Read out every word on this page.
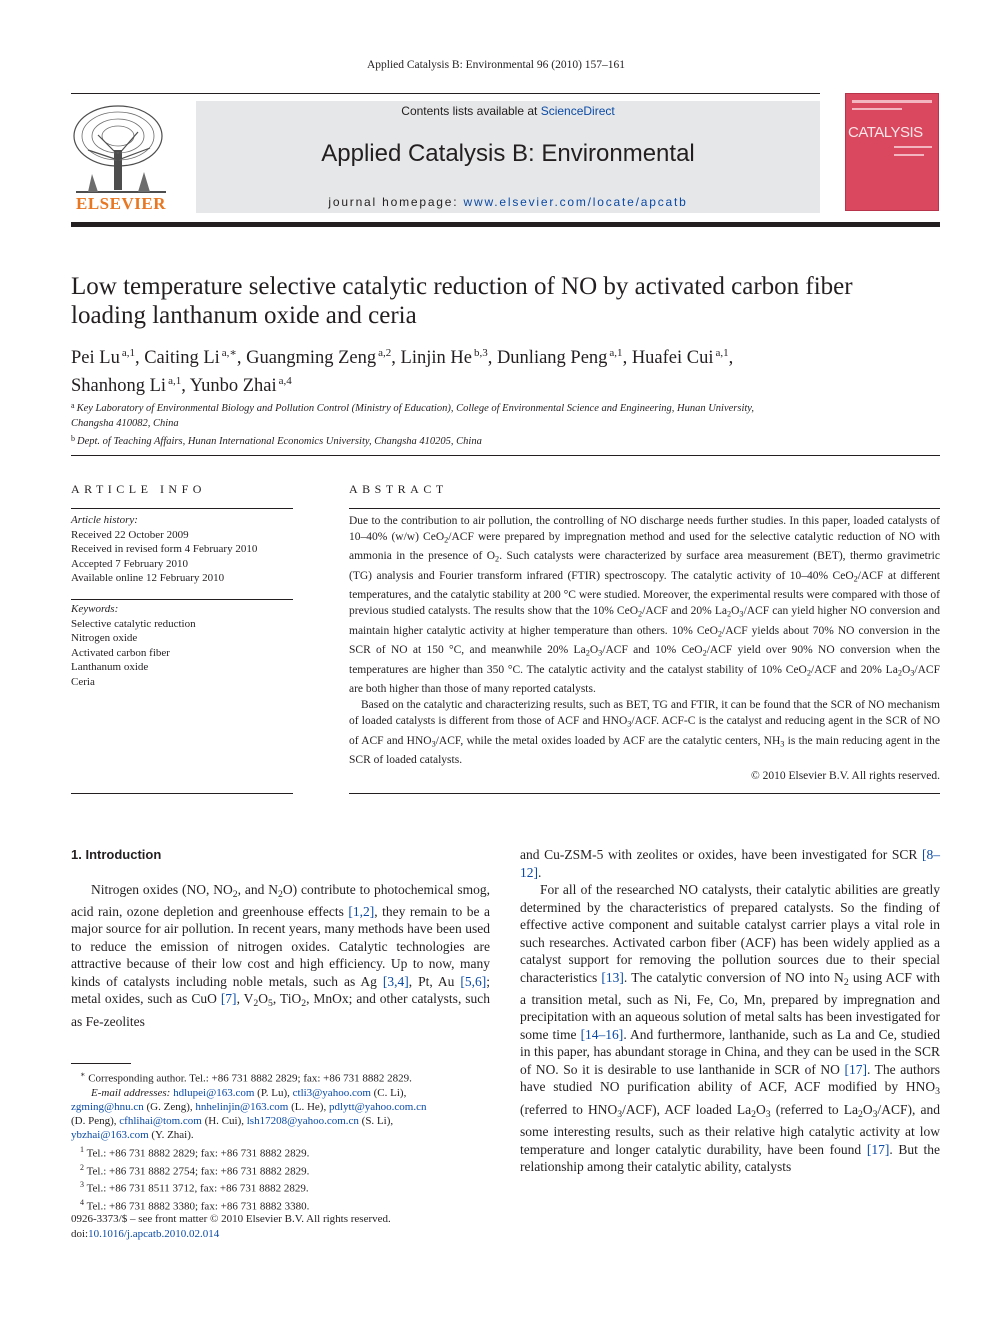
Applied Catalysis B: Environmental 96 (2010) 157–161
Contents lists available at ScienceDirect
Applied Catalysis B: Environmental
journal homepage: www.elsevier.com/locate/apcatb
ELSEVIER
CATALYSIS
Low temperature selective catalytic reduction of NO by activated carbon fiber
loading lanthanum oxide and ceria
Pei Lu $^{a,1}$, Caiting Li $^{a,∗}$, Guangming Zeng $^{a,2}$, Linjin He $^{b,3}$, Dunliang Peng $^{a,1}$, Huafei Cui $^{a,1}$,
Shanhong Li $^{a,1}$, Yunbo Zhai $^{a,4}$
$^a$ Key Laboratory of Environmental Biology and Pollution Control (Ministry of Education), College of Environmental Science and Engineering, Hunan University,
Changsha 410082, China
$^b$ Dept. of Teaching Affairs, Hunan International Economics University, Changsha 410205, China
ARTICLE INFO
Article history:
Received 22 October 2009
Received in revised form 4 February 2010
Accepted 7 February 2010
Available online 12 February 2010
Keywords:
Selective catalytic reduction
Nitrogen oxide
Activated carbon fiber
Lanthanum oxide
Ceria
ABSTRACT

Due to the contribution to air pollution, the controlling of NO discharge needs further studies. In this paper, loaded catalysts of 10–40% (w/w) CeO$_2$/ACF were prepared by impregnation method and used for the selective catalytic reduction of NO with ammonia in the presence of $O_2$. Such catalysts were characterized by surface area measurement (BET), thermo gravimetric (TG) analysis and Fourier transform infrared (FTIR) spectroscopy. The catalytic activity of 10–40% CeO$_2$/ACF at different temperatures, and the catalytic stability at 200 °C were studied. Moreover, the experimental results were compared with those of previous studied catalysts. The results show that the 10% CeO$_2$/ACF and 20% $La_2O_3$/ACF can yield higher NO conversion and maintain higher catalytic activity at higher temperature than others. 10% CeO$_2$/ACF yields about 70% NO conversion in the SCR of NO at 150 °C, and meanwhile 20% $La_2O_3$/ACF and 10% CeO$_2$/ACF yield over 90% NO conversion when the temperatures are higher than 350 °C. The catalytic activity and the catalyst stability of 10% CeO$_2$/ACF and 20% $La_2O_3$/ACF are both higher than those of many reported catalysts.

Based on the catalytic and characterizing results, such as BET, TG and FTIR, it can be found that the SCR of NO mechanism of loaded catalysts is different from those of ACF and $HNO_3$/ACF. ACF-C is the catalyst and reducing agent in the SCR of NO of ACF and $HNO_3$/ACF, while the metal oxides loaded by ACF are the catalytic centers, $NH_3$ is the main reducing agent in the SCR of loaded catalysts.

© 2010 Elsevier B.V. All rights reserved.

1. Introduction

Nitrogen oxides (NO, $NO_2$, and $N_2O$) contribute to photochemical smog, acid rain, ozone depletion and greenhouse effects [1,2], they remain to be a major source for air pollution. In recent years, many methods have been used to reduce the emission of nitrogen oxides. Catalytic technologies are attractive because of their low cost and high efficiency. Up to now, many kinds of catalysts including noble metals, such as Ag [3,4], Pt, Au [5,6]; metal oxides, such as CuO [7], $V_2O_5$, TiO$_2$, MnOx; and other catalysts, such as Fe-zeolites

and Cu-ZSM-5 with zeolites or oxides, have been investigated for SCR [8–12].

For all of the researched NO catalysts, their catalytic abilities are greatly determined by the characteristics of prepared catalysts. So the finding of effective active component and suitable catalyst carrier plays a vital role in such researches. Activated carbon fiber (ACF) has been widely applied as a catalyst support for removing the pollution sources due to their special characteristics [13]. The catalytic conversion of NO into $N_2$ using ACF with a transition metal, such as Ni, Fe, Co, Mn, prepared by impregnation and precipitation with an aqueous solution of metal salts has been investigated for some time [14–16]. And furthermore, lanthanide, such as La and Ce, studied in this paper, has abundant storage in China, and they can be used in the SCR of NO. So it is desirable to use lanthanide in SCR of NO [17]. The authors have studied NO purification ability of ACF, ACF modified by $HNO_3$ (referred to $HNO_3/ACF$), ACF loaded $La_2O_3$ (referred to $La_2O_3/ACF$), and some interesting results, such as their relative high catalytic activity at low temperature and longer catalytic durability, have been found [17]. But the relationship among their catalytic ability, catalysts

∗ Corresponding author. Tel.: +86 731 8882 2829; fax: +86 731 8882 2829.
E-mail addresses: hdlupei@163.com (P. Lu), ctli3@yahoo.com (C. Li),
zgming@hnu.cn (G. Zeng), hnhelinjin@163.com (L. He), pdlytt@yahoo.com.cn
(D. Peng), cfhlihai@tom.com (H. Cui), lsh17208@yahoo.com.cn (S. Li),
ybzhai@163.com (Y. Zhai).
$^1$ Tel.: +86 731 8882 2829; fax: +86 731 8882 2829.
$^2$ Tel.: +86 731 8882 2754; fax: +86 731 8882 2829.
$^3$ Tel.: +86 731 8511 3712, fax: +86 731 8882 2829.
$^4$ Tel.: +86 731 8882 3380; fax: +86 731 8882 3380.
0926-3373/$ – see front matter © 2010 Elsevier B.V. All rights reserved.
doi:10.1016/j.apcatb.2010.02.014
